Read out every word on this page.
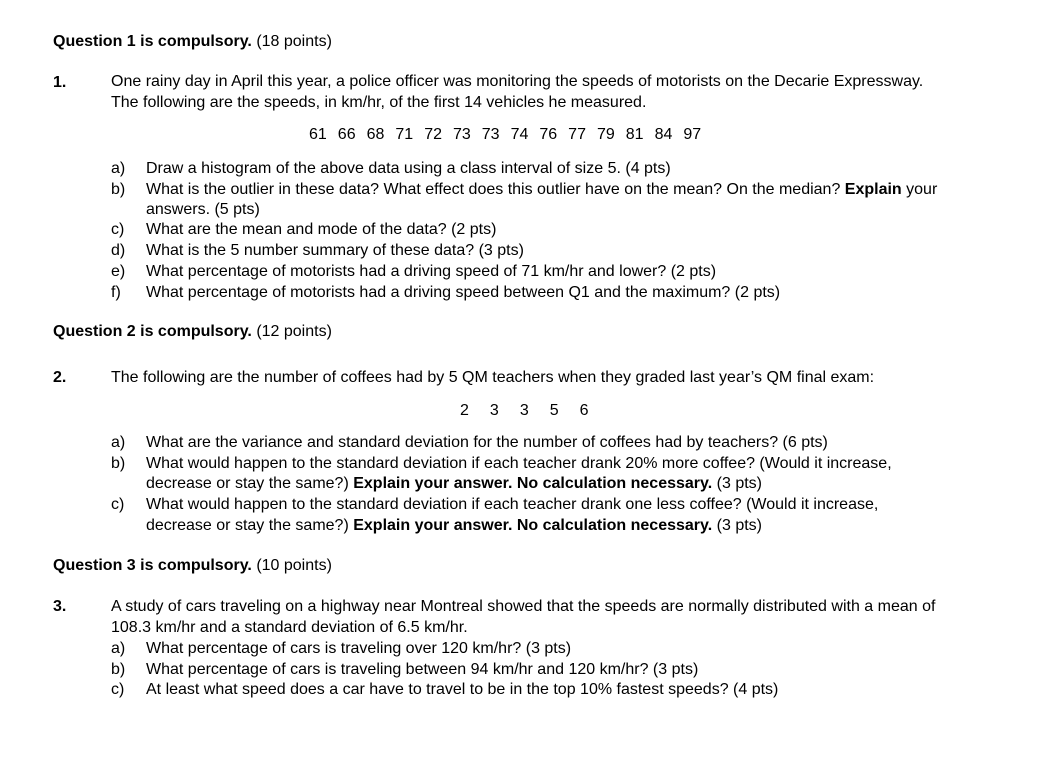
Question 1 is compulsory. (18 points)
1.	One rainy day in April this year, a police officer was monitoring the speeds of motorists on the Decarie Expressway.
The following are the speeds, in km/hr, of the first 14 vehicles he measured.
61 66 68 71 72 73 73 74 76 77 79 81 84 97
a) Draw a histogram of the above data using a class interval of size 5. (4 pts)
b) What is the outlier in these data? What effect does this outlier have on the mean? On the median? Explain your
answers. (5 pts)
c) What are the mean and mode of the data? (2 pts)
d) What is the 5 number summary of these data? (3 pts)
e) What percentage of motorists had a driving speed of 71 km/hr and lower? (2 pts)
f) What percentage of motorists had a driving speed between Q1 and the maximum? (2 pts)
Question 2 is compulsory. (12 points)
2.	The following are the number of coffees had by 5 QM teachers when they graded last year’s QM final exam:
2 3 3 5 6
a) What are the variance and standard deviation for the number of coffees had by teachers? (6 pts)
b) What would happen to the standard deviation if each teacher drank 20% more coffee? (Would it increase,
decrease or stay the same?) Explain your answer. No calculation necessary. (3 pts)
c) What would happen to the standard deviation if each teacher drank one less coffee? (Would it increase,
decrease or stay the same?) Explain your answer. No calculation necessary. (3 pts)
Question 3 is compulsory. (10 points)
3.	A study of cars traveling on a highway near Montreal showed that the speeds are normally distributed with a mean of
108.3 km/hr and a standard deviation of 6.5 km/hr.
a) What percentage of cars is traveling over 120 km/hr? (3 pts)
b) What percentage of cars is traveling between 94 km/hr and 120 km/hr? (3 pts)
c) At least what speed does a car have to travel to be in the top 10% fastest speeds? (4 pts)
